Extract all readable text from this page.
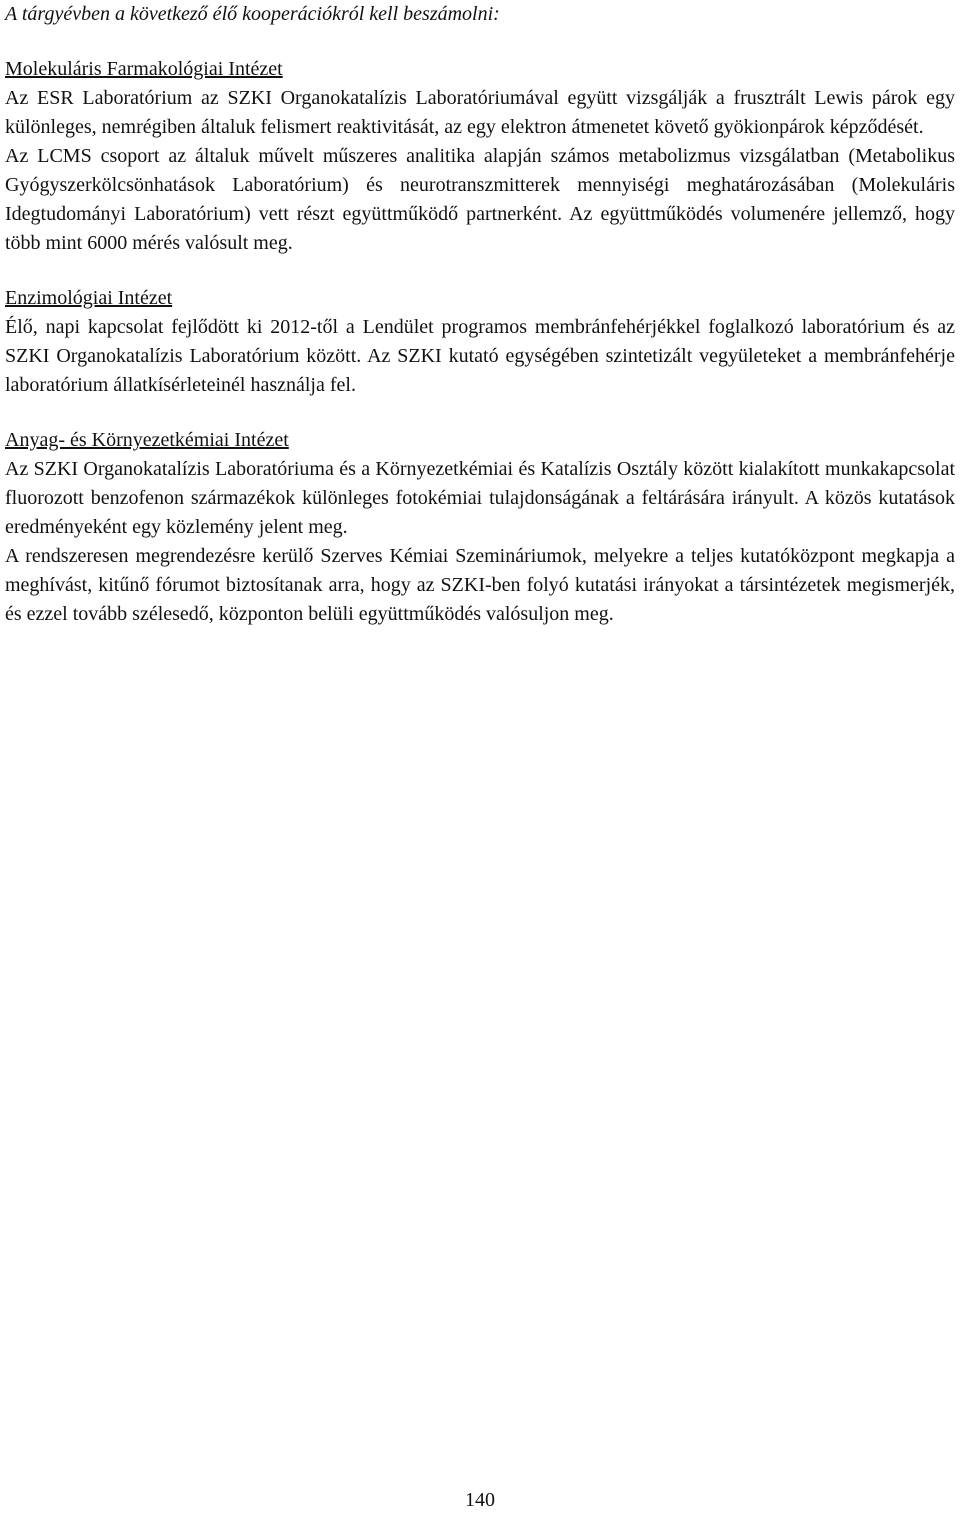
A tárgyévben a következő élő kooperációkról kell beszámolni:

Molekuláris Farmakológiai Intézet

Az ESR Laboratórium az SZKI Organokatalízis Laboratóriumával együtt vizsgálják a frusztrált Lewis párok egy különleges, nemrégiben általuk felismert reaktivitását, az egy elektron átmenetet követő gyökionpárok képződését.

Az LCMS csoport az általuk művelt műszeres analitika alapján számos metabolizmus vizsgálatban (Metabolikus Gyógyszerkölcsönhatások Laboratórium) és neurotranszmitterek mennyiségi meghatározásában (Molekuláris Idegtudományi Laboratórium) vett részt együttműködő partnerként. Az együttműködés volumenére jellemző, hogy több mint 6000 mérés valósult meg.

Enzimológiai Intézet

Élő, napi kapcsolat fejlődött ki 2012-től a Lendület programos membránfehérjékkel foglalkozó laboratórium és az SZKI Organokatalízis Laboratórium között. Az SZKI kutató egységében szintetizált vegyületeket a membránfehérje laboratórium állatkísérleteinél használja fel.

Anyag- és Környezetkémiai Intézet

Az SZKI Organokatalízis Laboratóriuma és a Környezetkémiai és Katalízis Osztály között kialakított munkakapcsolat fluorozott benzofenon származékok különleges fotokémiai tulajdonságának a feltárására irányult. A közös kutatások eredményeként egy közlemény jelent meg.

A rendszeresen megrendezésre kerülő Szerves Kémiai Szemináriumok, melyekre a teljes kutatóközpont megkapja a meghívást, kitűnő fórumot biztosítanak arra, hogy az SZKI-ben folyó kutatási irányokat a társintézetek megismerjék, és ezzel tovább szélesedő, központon belüli együttműködés valósuljon meg.

140
